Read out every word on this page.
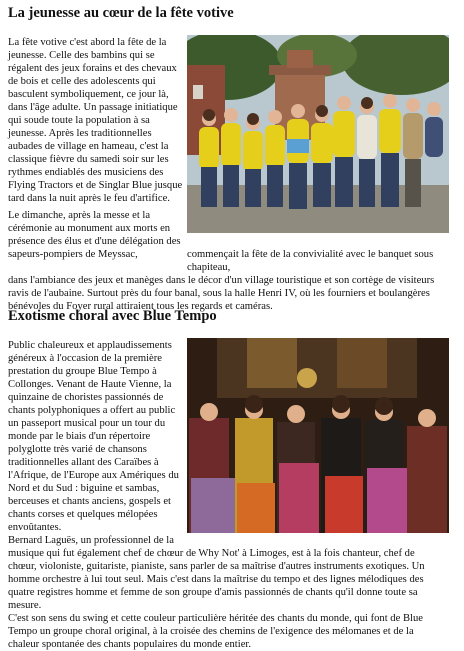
La jeunesse au cœur de la fête votive
La fête votive c'est abord la fête de la
jeunesse. Celle des bambins qui se
régalent des jeux forains et des chevaux
de bois et celle des adolescents qui
basculent symboliquement, ce jour là,
dans l'âge adulte. Un passage initiatique
qui soude toute la population à sa
jeunesse. Après les traditionnelles
aubades de village en hameau, c'est la
classique fièvre du samedi soir sur les
rythmes endiablés des musiciens des
Flying Tractors et de Singlar Blue jusque
tard dans la nuit après le feu d'artifice.
Le dimanche, après la messe et la
cérémonie au monument aux morts en
présence des élus et d'une délégation des
sapeurs-pompiers de Meyssac,	commençait la fête de la convivialité avec le banquet sous chapiteau,
dans l'ambiance des jeux et manèges dans le décor d'un village touristique et son cortège de visiteurs
ravis de l'aubaine. Surtout près du four banal, sous la halle Henri IV, où les fourniers et boulangères
bénévoles du Foyer rural attiraient tous les regards et caméras.
Exotisme choral avec Blue Tempo
Public chaleureux et applaudissements
généreux à l'occasion de la première
prestation du groupe Blue Tempo à
Collonges. Venant de Haute Vienne, la
quinzaine de choristes passionnés de
chants polyphoniques a offert au public
un passeport musical pour un tour du
monde par le biais d'un répertoire
polyglotte très varié de chansons
traditionnelles allant des Caraïbes à
l'Afrique, de l'Europe aux Amériques du
Nord et du Sud : biguine et sambas,
berceuses et chants anciens, gospels et
chants corses et quelques mélopées
envoûtantes.
Bernard Laguës, un professionnel de la
musique qui fut également chef de chœur de Why Not' à Limoges, est à la fois chanteur, chef de
chœur, violoniste, guitariste, pianiste, sans parler de sa maîtrise d'autres instruments exotiques. Un
homme orchestre à lui tout seul. Mais c'est dans la maîtrise du tempo et des lignes mélodiques des
quatre registres homme et femme de son groupe d'amis passionnés de chants qu'il donne toute sa
mesure.
C'est son sens du swing et cette couleur particulière héritée des chants du monde, qui font de Blue
Tempo un groupe choral original, à la croisée des chemins de l'exigence des mélomanes et de la
chaleur spontanée des chants populaires du monde entier.
